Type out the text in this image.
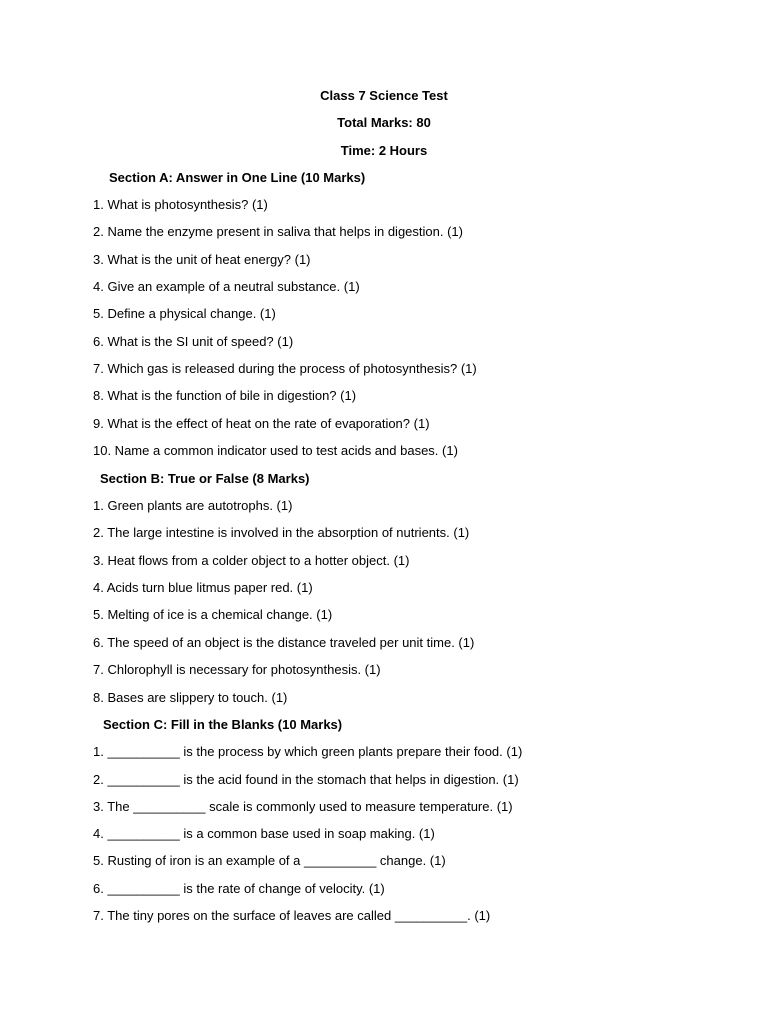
Class 7 Science Test
Total Marks: 80
Time: 2 Hours
Section A: Answer in One Line (10 Marks)
1. What is photosynthesis? (1)
2. Name the enzyme present in saliva that helps in digestion. (1)
3. What is the unit of heat energy? (1)
4. Give an example of a neutral substance. (1)
5. Define a physical change. (1)
6. What is the SI unit of speed? (1)
7. Which gas is released during the process of photosynthesis? (1)
8. What is the function of bile in digestion? (1)
9. What is the effect of heat on the rate of evaporation? (1)
10. Name a common indicator used to test acids and bases. (1)
Section B: True or False (8 Marks)
1. Green plants are autotrophs. (1)
2. The large intestine is involved in the absorption of nutrients. (1)
3. Heat flows from a colder object to a hotter object. (1)
4. Acids turn blue litmus paper red. (1)
5. Melting of ice is a chemical change. (1)
6. The speed of an object is the distance traveled per unit time. (1)
7. Chlorophyll is necessary for photosynthesis. (1)
8. Bases are slippery to touch. (1)
Section C: Fill in the Blanks (10 Marks)
1. __________ is the process by which green plants prepare their food. (1)
2. __________ is the acid found in the stomach that helps in digestion. (1)
3. The __________ scale is commonly used to measure temperature. (1)
4. __________ is a common base used in soap making. (1)
5. Rusting of iron is an example of a __________ change. (1)
6. __________ is the rate of change of velocity. (1)
7. The tiny pores on the surface of leaves are called __________. (1)
